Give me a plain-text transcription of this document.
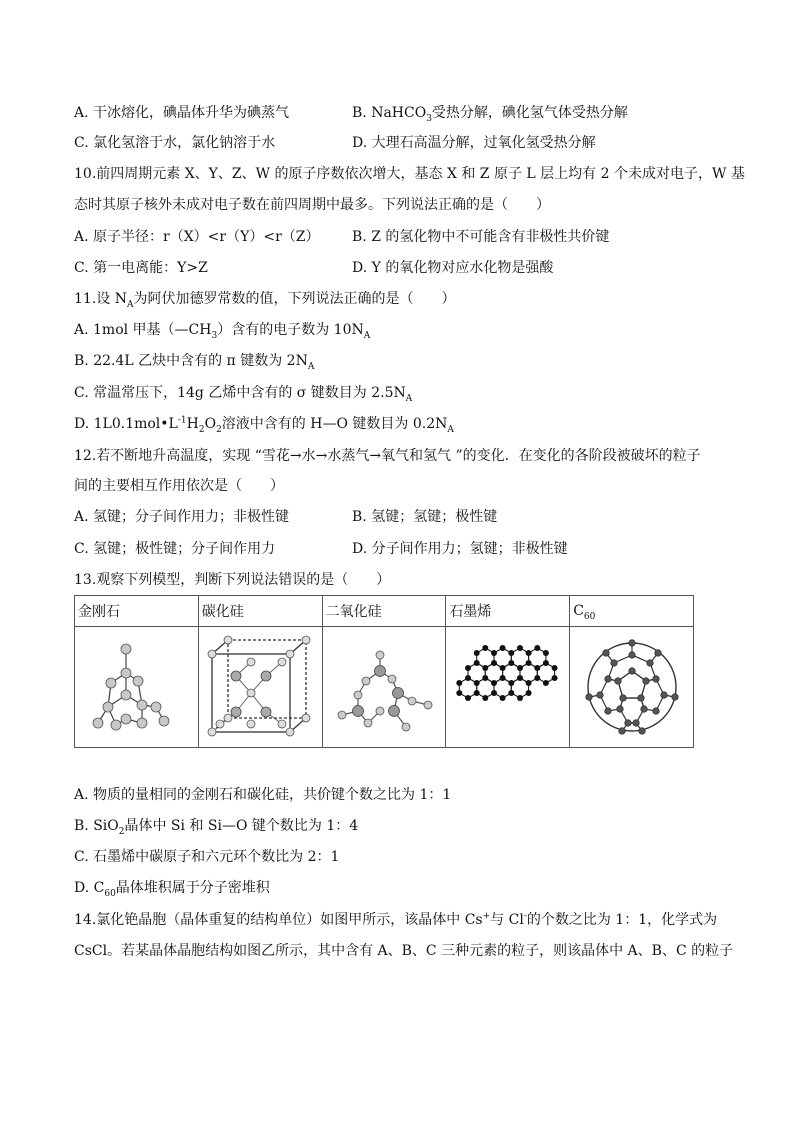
A. 干冰熔化，碘晶体升华为碘蒸气	B. NaHCO$_3$受热分解，碘化氢气体受热分解
C. 氯化氢溶于水，氯化钠溶于水	D. 大理石高温分解，过氧化氢受热分解
10.前四周期元素 X、Y、Z、W 的原子序数依次增大，基态 X 和 Z 原子 L 层上均有 2 个未成对电子，W 基
态时其原子核外未成对电子数在前四周期中最多。下列说法正确的是（　　）
A. 原子半径：r（X）<r（Y）<r（Z） B. Z 的氢化物中不可能含有非极性共价键
C. 第一电离能：Y>Z	D. Y 的氧化物对应水化物是强酸
11.设 $N_A$为阿伏加德罗常数的值，下列说法正确的是（　　）
A. 1mol 甲基$(—CH_3)$含有的电子数为 $10N_A$
B. 22.4L 乙炔中含有的 π 键数为 $2N_A$
C. 常温常压下，14g 乙烯中含有的 σ 键数目为 $2.5N_A$
D. $1L0.1mol•L^{-1}H_2O_2$溶液中含有的 H—O 键数目为 $0.2N_A$
12.若不断地升高温度，实现 “雪花→水→水蒸气→氧气和氢气 ”的变化．在变化的各阶段被破坏的粒子
间的主要相互作用依次是（　　）
A. 氢键；分子间作用力；非极性键	B. 氢键；氢键；极性键
C. 氢键；极性键；分子间作用力	D. 分子间作用力；氢键；非极性键
13.观察下列模型，判断下列说法错误的是（　　）
金刚石	碳化硅	二氧化硅	石墨烯	$C_{60}$

A. 物质的量相同的金刚石和碳化硅，共价键个数之比为 1：1
B. SiO$_2$晶体中 Si 和 Si—O 键个数比为 1：4
C. 石墨烯中碳原子和六元环个数比为 2：1
D. $C_{60}$晶体堆积属于分子密堆积
14.氯化铯晶胞（晶体重复的结构单位）如图甲所示，该晶体中 Cs+与 Cl-的个数之比为 1：1，化学式为
CsCl。若某晶体晶胞结构如图乙所示，其中含有 A、B、C 三种元素的粒子，则该晶体中 A、B、C 的粒子
